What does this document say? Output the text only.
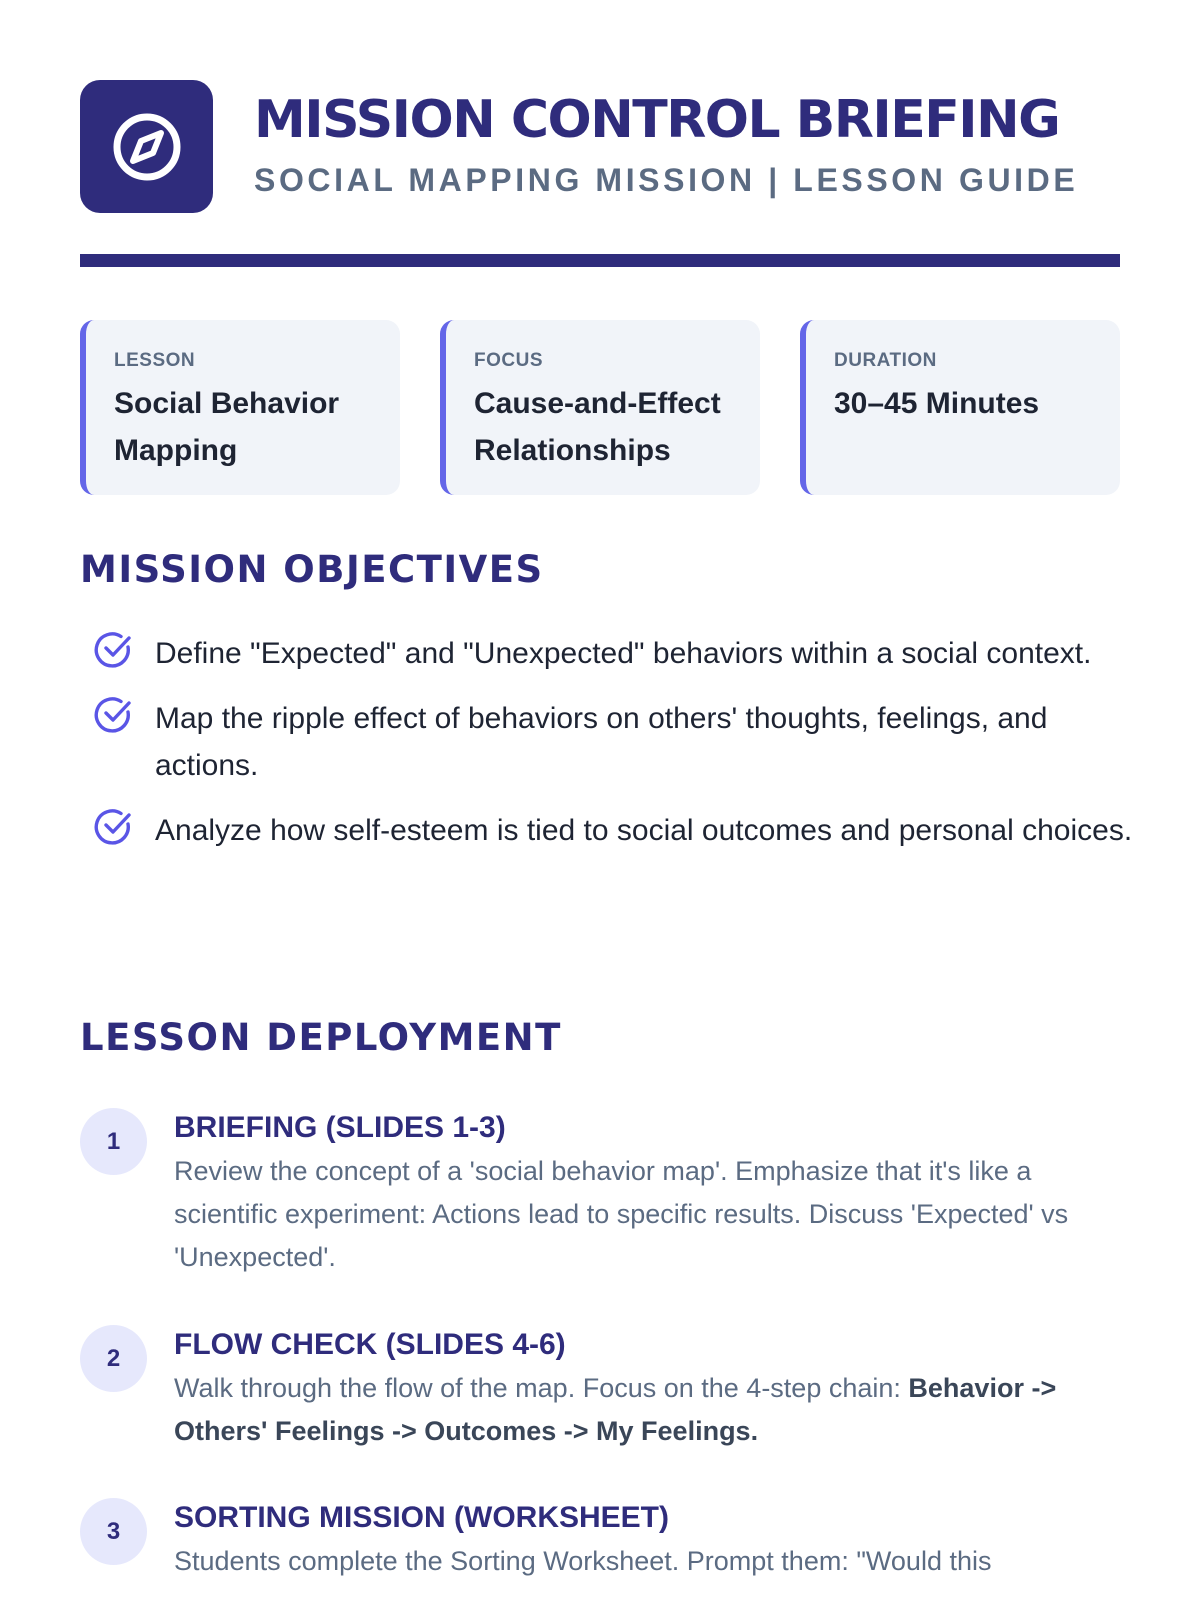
MISSION CONTROL BRIEFING

SOCIAL MAPPING MISSION | LESSON GUIDE

LESSON
Social Behavior Mapping
FOCUS
Cause-and-Effect Relationships
DURATION
30–45 Minutes
MISSION OBJECTIVES
Define "Expected" and "Unexpected" behaviors within a social context.
Map the ripple effect of behaviors on others' thoughts, feelings, and actions.
Analyze how self-esteem is tied to social outcomes and personal choices.
LESSON DEPLOYMENT
1	BRIEFING (SLIDES 1-3)

Review the concept of a 'social behavior map'. Emphasize that it's like a scientific experiment: Actions lead to specific results. Discuss 'Expected' vs 'Unexpected'.

2	FLOW CHECK (SLIDES 4-6)

Walk through the flow of the map. Focus on the 4-step chain: Behavior -> Others' Feelings -> Outcomes -> My Feelings.

3	SORTING MISSION (WORKSHEET)

Students complete the Sorting Worksheet. Prompt them: "Would this
